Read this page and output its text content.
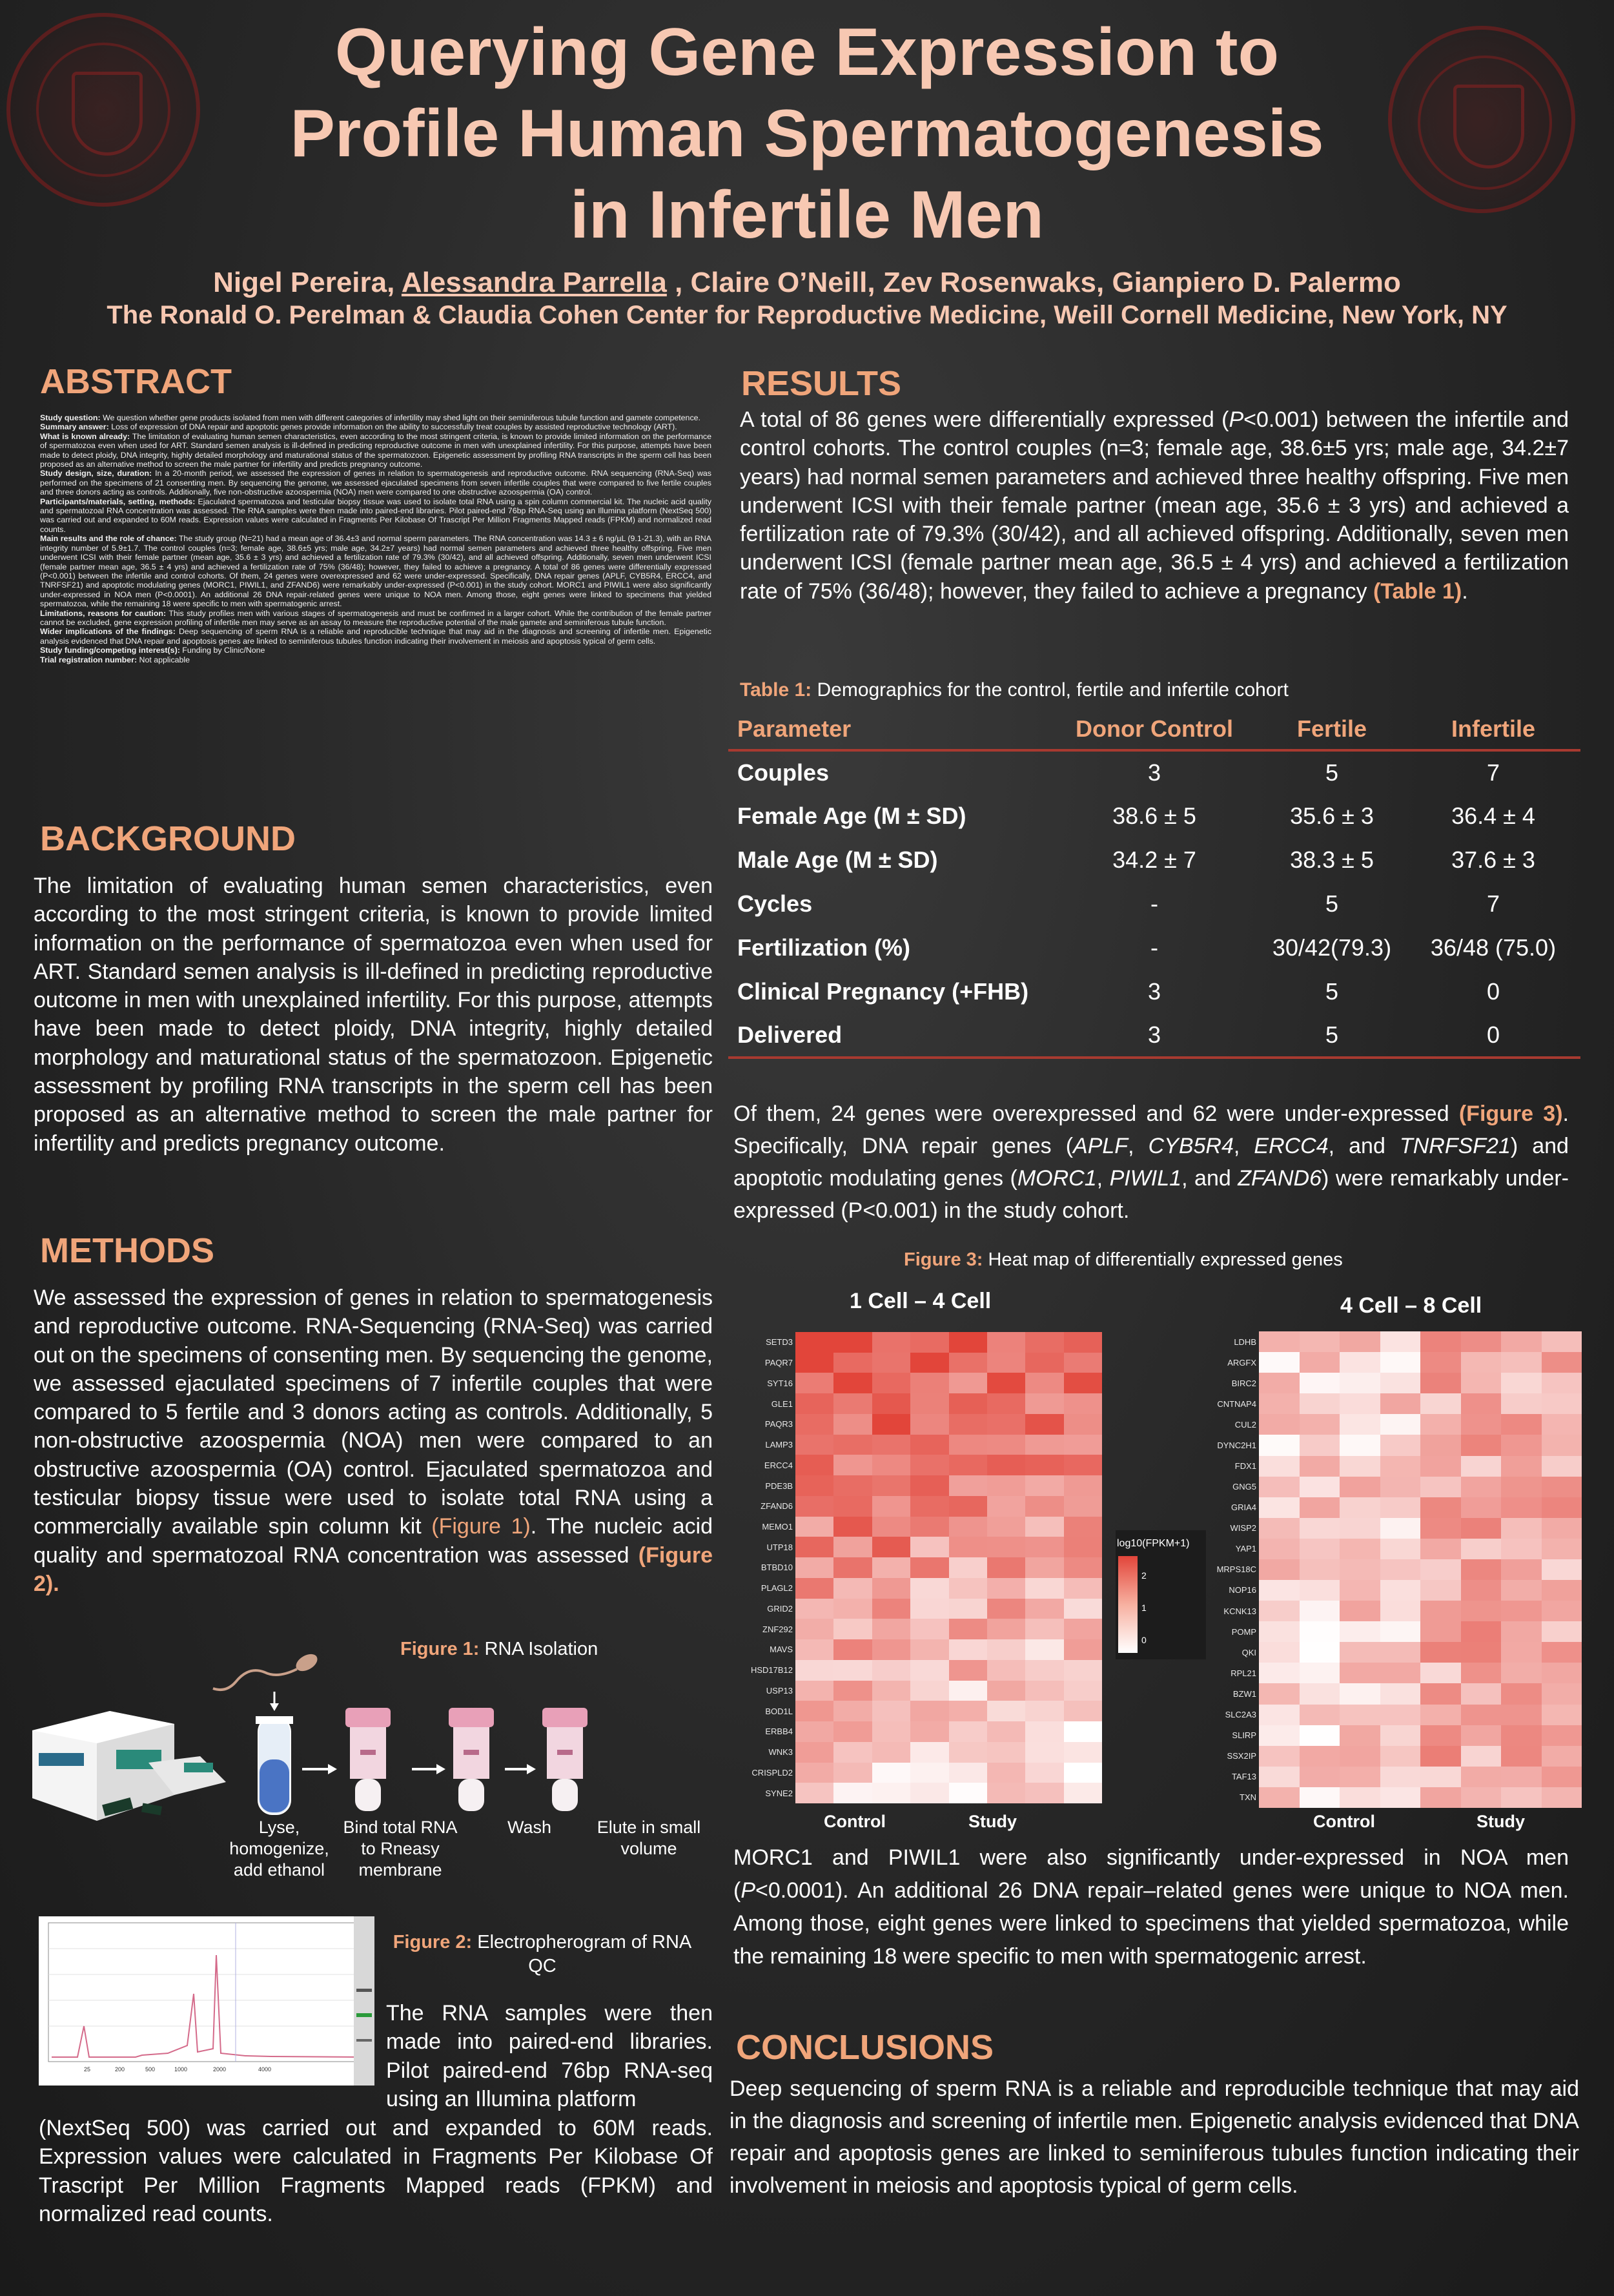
Querying Gene Expression to
Profile Human Spermatogenesis
in Infertile Men
Nigel Pereira, Alessandra Parrella , Claire O’Neill, Zev Rosenwaks, Gianpiero D. Palermo
The Ronald O. Perelman & Claudia Cohen Center for Reproductive Medicine, Weill Cornell Medicine, New York, NY
ABSTRACT

Study question: We question whether gene products isolated from men with different categories of infertility may shed light on their seminiferous tubule function and gamete competence.

Summary answer: Loss of expression of DNA repair and apoptotic genes provide information on the ability to successfully treat couples by assisted reproductive technology (ART).

What is known already: The limitation of evaluating human semen characteristics, even according to the most stringent criteria, is known to provide limited information on the performance of spermatozoa even when used for ART. Standard semen analysis is ill-defined in predicting reproductive outcome in men with unexplained infertility. For this purpose, attempts have been made to detect ploidy, DNA integrity, highly detailed morphology and maturational status of the spermatozoon. Epigenetic assessment by profiling RNA transcripts in the sperm cell has been proposed as an alternative method to screen the male partner for infertility and predicts pregnancy outcome.

Study design, size, duration: In a 20-month period, we assessed the expression of genes in relation to spermatogenesis and reproductive outcome. RNA sequencing (RNA-Seq) was performed on the specimens of 21 consenting men. By sequencing the genome, we assessed ejaculated specimens from seven infertile couples that were compared to five fertile couples and three donors acting as controls. Additionally, five non-obstructive azoospermia (NOA) men were compared to one obstructive azoospermia (OA) control.

Participants/materials, setting, methods: Ejaculated spermatozoa and testicular biopsy tissue was used to isolate total RNA using a spin column commercial kit. The nucleic acid quality and spermatozoal RNA concentration was assessed. The RNA samples were then made into paired-end libraries. Pilot paired-end 76bp RNA-Seq using an Illumina platform (NextSeq 500) was carried out and expanded to 60M reads. Expression values were calculated in Fragments Per Kilobase Of Trascript Per Million Fragments Mapped reads (FPKM) and normalized read counts.

Main results and the role of chance: The study group (N=21) had a mean age of 36.4±3 and normal sperm parameters. The RNA concentration was 14.3 ± 6 ng/µL (9.1-21.3), with an RNA integrity number of 5.9±1.7. The control couples (n=3; female age, 38.6±5 yrs; male age, 34.2±7 years) had normal semen parameters and achieved three healthy offspring. Five men underwent ICSI with their female partner (mean age, 35.6 ± 3 yrs) and achieved a fertilization rate of 79.3% (30/42), and all achieved offspring. Additionally, seven men underwent ICSI (female partner mean age, 36.5 ± 4 yrs) and achieved a fertilization rate of 75% (36/48); however, they failed to achieve a pregnancy. A total of 86 genes were differentially expressed (P<0.001) between the infertile and control cohorts. Of them, 24 genes were overexpressed and 62 were under-expressed. Specifically, DNA repair genes (APLF, CYB5R4, ERCC4, and TNRFSF21) and apoptotic modulating genes (MORC1, PIWIL1, and ZFAND6) were remarkably under-expressed (P<0.001) in the study cohort. MORC1 and PIWIL1 were also significantly under-expressed in NOA men (P<0.0001). An additional 26 DNA repair-related genes were unique to NOA men. Among those, eight genes were linked to specimens that yielded spermatozoa, while the remaining 18 were specific to men with spermatogenic arrest.

Limitations, reasons for caution: This study profiles men with various stages of spermatogenesis and must be confirmed in a larger cohort. While the contribution of the female partner cannot be excluded, gene expression profiling of infertile men may serve as an assay to measure the reproductive potential of the male gamete and seminiferous tubule function.

Wider implications of the findings: Deep sequencing of sperm RNA is a reliable and reproducible technique that may aid in the diagnosis and screening of infertile men. Epigenetic analysis evidenced that DNA repair and apoptosis genes are linked to seminiferous tubules function indicating their involvement in meiosis and apoptosis typical of germ cells.

Study funding/competing interest(s): Funding by Clinic/None

Trial registration number: Not applicable

BACKGROUND
The limitation of evaluating human semen characteristics, even according to the most stringent criteria, is known to provide limited information on the performance of spermatozoa even when used for ART. Standard semen analysis is ill-defined in predicting reproductive outcome in men with unexplained infertility. For this purpose, attempts have been made to detect ploidy, DNA integrity, highly detailed morphology and maturational status of the spermatozoon. Epigenetic assessment by profiling RNA transcripts in the sperm cell has been proposed as an alternative method to screen the male partner for infertility and predicts pregnancy outcome.
METHODS
We assessed the expression of genes in relation to spermatogenesis and reproductive outcome. RNA-Sequencing (RNA-Seq) was carried out on the specimens of consenting men. By sequencing the genome, we assessed ejaculated specimens of 7 infertile couples that were compared to 5 fertile and 3 donors acting as controls. Additionally, 5 non-obstructive azoospermia (NOA) men were compared to an obstructive azoospermia (OA) control. Ejaculated spermatozoa and testicular biopsy tissue were used to isolate total RNA using a commercially available spin column kit (Figure 1). The nucleic acid quality and spermatozoal RNA concentration was assessed (Figure 2).
Figure 1: RNA Isolation
Lyse, homogenize, add ethanol
Bind total RNA to Rneasy membrane
Wash	Elute in small volume
25	200	500	1000	2000	4000
Figure 2: Electropherogram of RNA QC
The RNA samples were then made into paired-end libraries. Pilot paired-end 76bp RNA-seq using an Illumina platform
(NextSeq 500) was carried out and expanded to 60M reads. Expression values were calculated in Fragments Per Kilobase Of Trascript Per Million Fragments Mapped reads (FPKM) and normalized read counts.
RESULTS
A total of 86 genes were differentially expressed (P<0.001) between the infertile and control cohorts. The control couples (n=3; female age, 38.6±5 yrs; male age, 34.2±7 years) had normal semen parameters and achieved three healthy offspring. Five men underwent ICSI with their female partner (mean age, 35.6 ± 3 yrs) and achieved a fertilization rate of 79.3% (30/42), and all achieved offspring. Additionally, seven men underwent ICSI (female partner mean age, 36.5 ± 4 yrs) and achieved a fertilization rate of 75% (36/48); however, they failed to achieve a pregnancy (Table 1).
Table 1: Demographics for the control, fertile and infertile cohort
Parameter	Donor Control	Fertile	Infertile
Couples	3	5	7
Female Age (M ± SD)	38.6 ± 5	35.6 ± 3	36.4 ± 4
Male Age (M ± SD)	34.2 ± 7	38.3 ± 5	37.6 ± 3
Cycles	-	5	7
Fertilization (%)	-	30/42(79.3)	36/48 (75.0)
Clinical Pregnancy (+FHB)	3	5	0
Delivered	3	5	0
Of them, 24 genes were overexpressed and 62 were under-expressed (Figure 3). Specifically, DNA repair genes (APLF, CYB5R4, ERCC4, and TNRFSF21) and apoptotic modulating genes (MORC1, PIWIL1, and ZFAND6) were remarkably under-expressed (P<0.001) in the study cohort.
Figure 3: Heat map of differentially expressed genes
1 Cell – 4 Cell	4 Cell – 8 Cell
SETD3
PAQR7
SYT16
GLE1
PAQR3
LAMP3
ERCC4
PDE3B
ZFAND6
MEMO1
UTP18
BTBD10
PLAGL2
GRID2
ZNF292
MAVS
HSD17B12
USP13
BOD1L
ERBB4
WNK3
CRISPLD2
SYNE2
LDHB
ARGFX
BIRC2
CNTNAP4
CUL2
DYNC2H1
FDX1
GNG5
GRIA4
WISP2
YAP1
MRPS18C
NOP16
KCNK13
POMP
QKI
RPL21
BZW1
SLC2A3
SLIRP
SSX2IP
TAF13
TXN
log10(FPKM+1)
2
1
0
Control	Study	Control	Study
MORC1 and PIWIL1 were also significantly under-expressed in NOA men (P<0.0001). An additional 26 DNA repair–related genes were unique to NOA men. Among those, eight genes were linked to specimens that yielded spermatozoa, while the remaining 18 were specific to men with spermatogenic arrest.
CONCLUSIONS
Deep sequencing of sperm RNA is a reliable and reproducible technique that may aid in the diagnosis and screening of infertile men. Epigenetic analysis evidenced that DNA repair and apoptosis genes are linked to seminiferous tubules function indicating their involvement in meiosis and apoptosis typical of germ cells.
